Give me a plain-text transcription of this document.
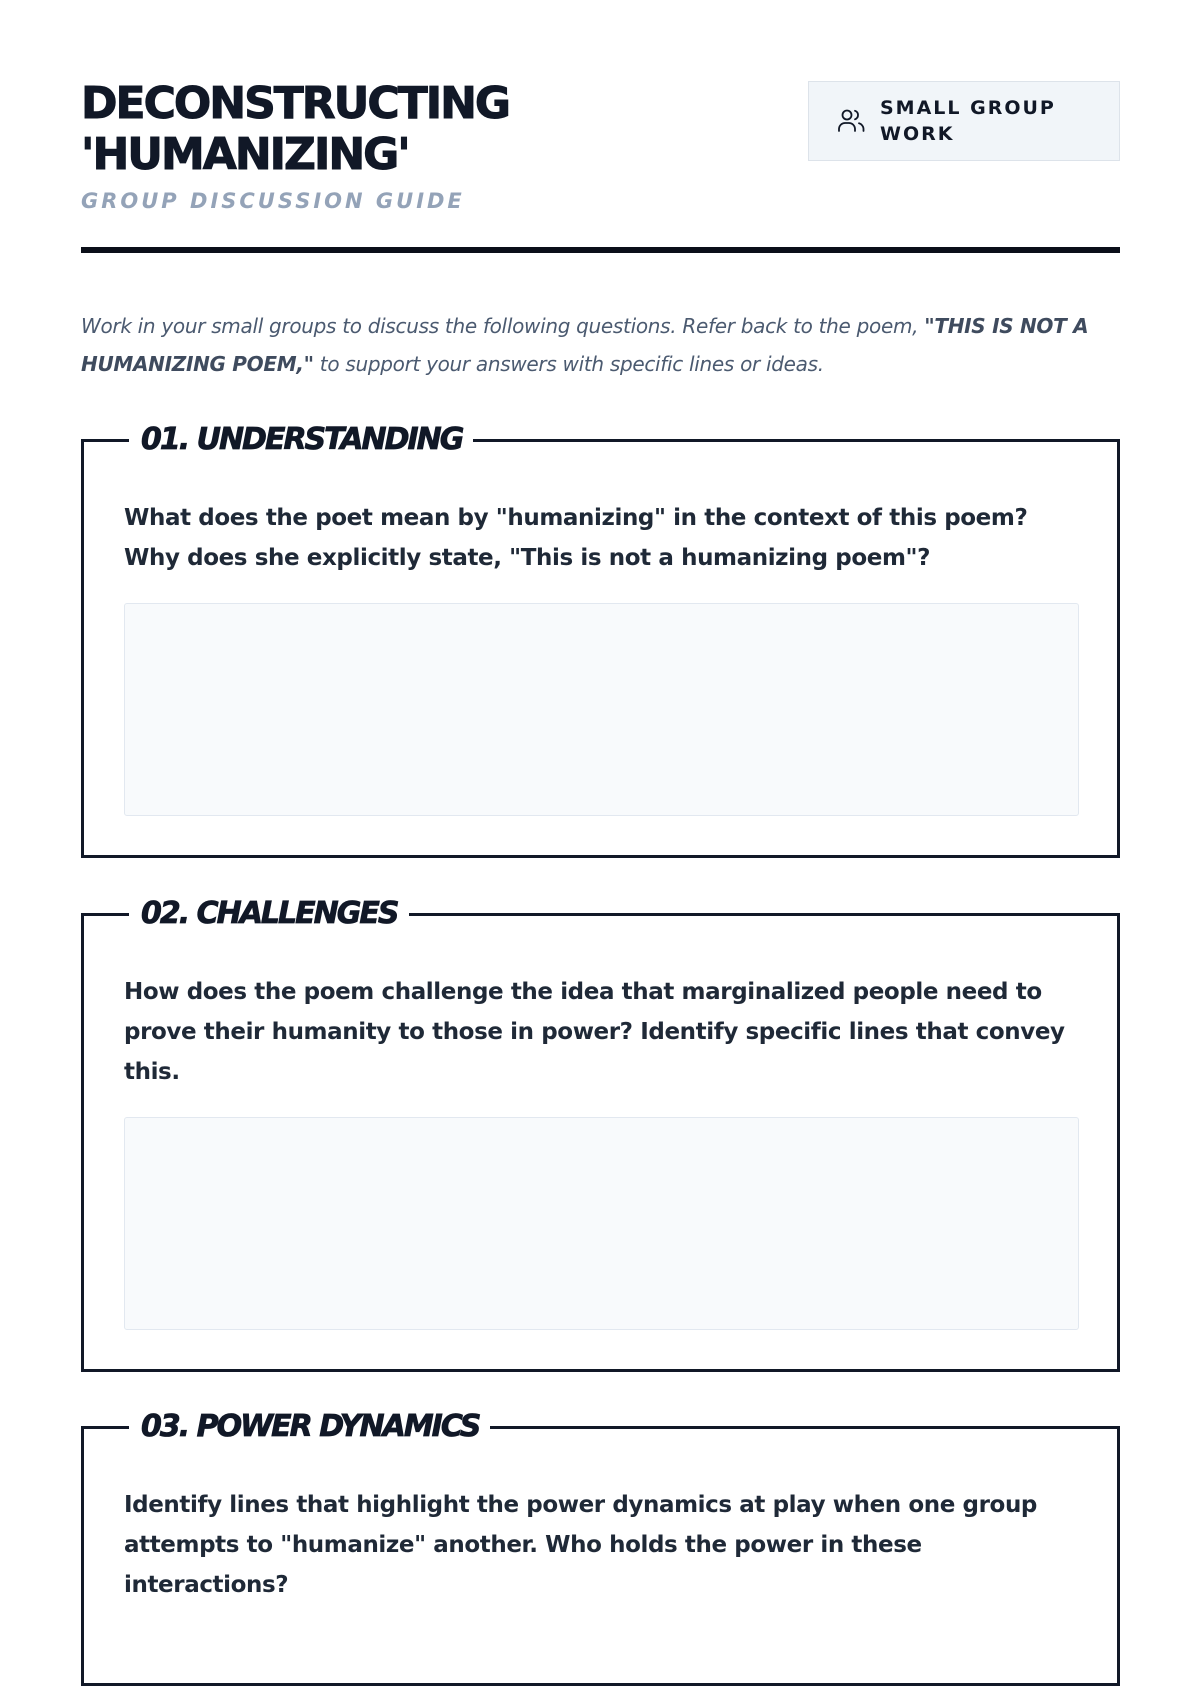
DECONSTRUCTING
'HUMANIZING'
GROUP DISCUSSION GUIDE
SMALL GROUP WORK

Work in your small groups to discuss the following questions. Refer back to the poem, "THIS IS NOT A HUMANIZING POEM," to support your answers with specific lines or ideas.

01. UNDERSTANDING

What does the poet mean by "humanizing" in the context of this poem? Why does she explicitly state, "This is not a humanizing poem"?

02. CHALLENGES

How does the poem challenge the idea that marginalized people need to prove their humanity to those in power? Identify specific lines that convey this.

03. POWER DYNAMICS

Identify lines that highlight the power dynamics at play when one group attempts to "humanize" another. Who holds the power in these interactions?
